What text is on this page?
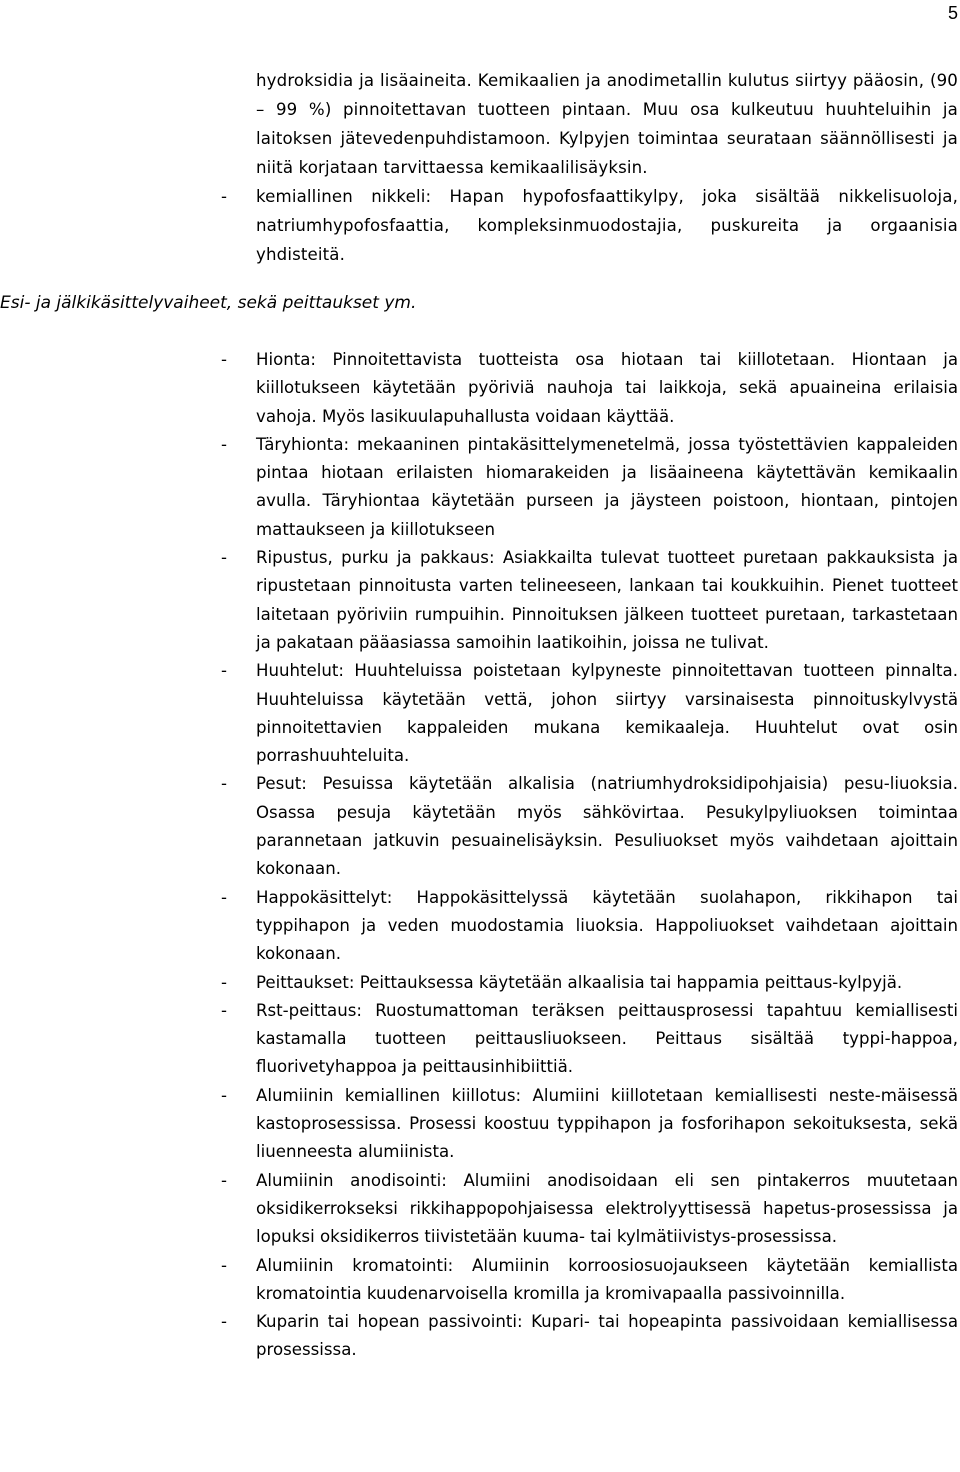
5

hydroksidia ja lisäaineita. Kemikaalien ja anodimetallin kulutus siirtyy pääosin, (90 – 99 %) pinnoitettavan tuotteen pintaan. Muu osa kulkeutuu huuhteluihin ja laitoksen jätevedenpuhdistamoon. Kylpyjen toimintaa seurataan säännöllisesti ja niitä korjataan tarvittaessa kemikaalilisäyksin.

- kemiallinen nikkeli: Hapan hypofosfaattikylpy, joka sisältää nikkelisuoloja, natriumhypofosfaattia, kompleksinmuodostajia, puskureita ja orgaanisia yhdisteitä.
Esi- ja jälkikäsittelyvaiheet, sekä peittaukset ym.
- Hionta: Pinnoitettavista tuotteista osa hiotaan tai kiillotetaan. Hiontaan ja kiillotukseen käytetään pyöriviä nauhoja tai laikkoja, sekä apuaineina erilaisia vahoja. Myös lasikuulapuhallusta voidaan käyttää.
- Täryhionta: mekaaninen pintakäsittelymenetelmä, jossa työstettävien kappaleiden pintaa hiotaan erilaisten hiomarakeiden ja lisäaineena käytettävän kemikaalin avulla. Täryhiontaa käytetään purseen ja jäysteen poistoon, hiontaan, pintojen mattaukseen ja kiillotukseen
- Ripustus, purku ja pakkaus: Asiakkailta tulevat tuotteet puretaan pakkauksista ja ripustetaan pinnoitusta varten telineeseen, lankaan tai koukkuihin. Pienet tuotteet laitetaan pyöriviin rumpuihin. Pinnoituksen jälkeen tuotteet puretaan, tarkastetaan ja pakataan pääasiassa samoihin laatikoihin, joissa ne tulivat.
- Huuhtelut: Huuhteluissa poistetaan kylpyneste pinnoitettavan tuotteen pinnalta. Huuhteluissa käytetään vettä, johon siirtyy varsinaisesta pinnoituskylvystä pinnoitettavien kappaleiden mukana kemikaaleja. Huuhtelut ovat osin porrashuuhteluita.
- Pesut: Pesuissa käytetään alkalisia (natriumhydroksidipohjaisia) pesu-liuoksia. Osassa pesuja käytetään myös sähkövirtaa. Pesukylpyliuoksen toimintaa parannetaan jatkuvin pesuainelisäyksin. Pesuliuokset myös vaihdetaan ajoittain kokonaan.
- Happokäsittelyt: Happokäsittelyssä käytetään suolahapon, rikkihapon tai typpihapon ja veden muodostamia liuoksia. Happoliuokset vaihdetaan ajoittain kokonaan.
- Peittaukset: Peittauksessa käytetään alkaalisia tai happamia peittaus-kylpyjä.
- Rst-peittaus: Ruostumattoman teräksen peittausprosessi tapahtuu kemiallisesti kastamalla tuotteen peittausliuokseen. Peittaus sisältää typpi-happoa, fluorivetyhappoa ja peittausinhibiittiä.
- Alumiinin kemiallinen kiillotus: Alumiini kiillotetaan kemiallisesti neste-mäisessä kastoprosessissa. Prosessi koostuu typpihapon ja fosforihapon sekoituksesta, sekä liuenneesta alumiinista.
- Alumiinin anodisointi: Alumiini anodisoidaan eli sen pintakerros muutetaan oksidikerrokseksi rikkihappopohjaisessa elektrolyyttisessä hapetus-prosessissa ja lopuksi oksidikerros tiivistetään kuuma- tai kylmätiivistys-prosessissa.
- Alumiinin kromatointi: Alumiinin korroosiosuojaukseen käytetään kemiallista kromatointia kuudenarvoisella kromilla ja kromivapaalla passivoinnilla.
- Kuparin tai hopean passivointi: Kupari- tai hopeapinta passivoidaan kemiallisessa prosessissa.
